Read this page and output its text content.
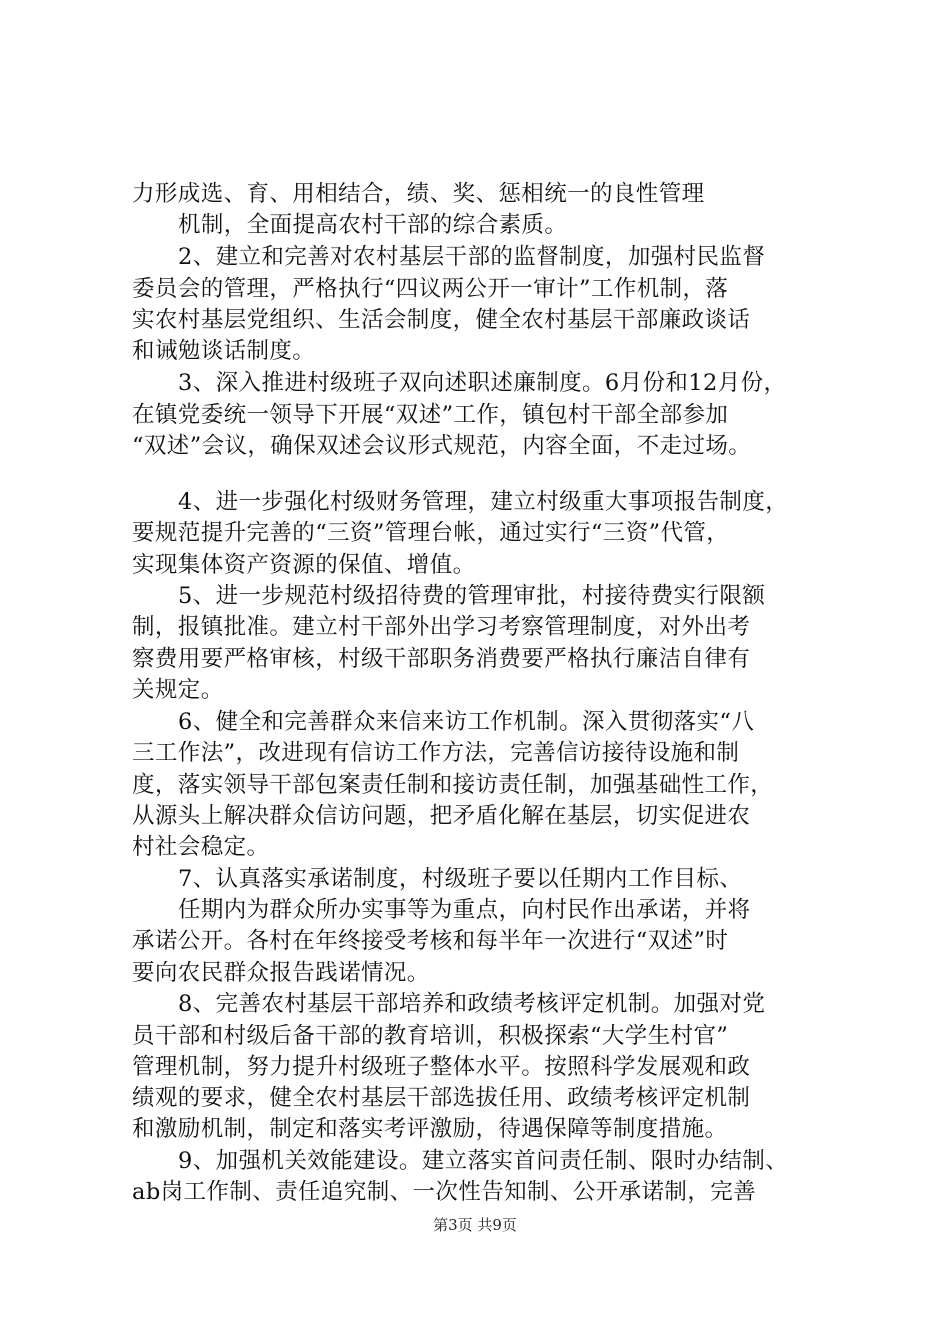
力形成选、育、用相结合，绩、奖、惩相统一的良性管理
机制，全面提高农村干部的综合素质。
2、建立和完善对农村基层干部的监督制度，加强村民监督
委员会的管理，严格执行“四议两公开一审计”工作机制，落
实农村基层党组织、生活会制度，健全农村基层干部廉政谈话
和诫勉谈话制度。
3、深入推进村级班子双向述职述廉制度。6月份和12月份，
在镇党委统一领导下开展“双述”工作，镇包村干部全部参加
“双述”会议，确保双述会议形式规范，内容全面，不走过场。
4、进一步强化村级财务管理，建立村级重大事项报告制度，
要规范提升完善的“三资”管理台帐，通过实行“三资”代管，
实现集体资产资源的保值、增值。
5、进一步规范村级招待费的管理审批，村接待费实行限额
制，报镇批准。建立村干部外出学习考察管理制度，对外出考
察费用要严格审核，村级干部职务消费要严格执行廉洁自律有
关规定。
6、健全和完善群众来信来访工作机制。深入贯彻落实“八
三工作法”，改进现有信访工作方法，完善信访接待设施和制
度，落实领导干部包案责任制和接访责任制，加强基础性工作，
从源头上解决群众信访问题，把矛盾化解在基层，切实促进农
村社会稳定。
7、认真落实承诺制度，村级班子要以任期内工作目标、
任期内为群众所办实事等为重点，向村民作出承诺，并将
承诺公开。各村在年终接受考核和每半年一次进行“双述”时
要向农民群众报告践诺情况。
8、完善农村基层干部培养和政绩考核评定机制。加强对党
员干部和村级后备干部的教育培训，积极探索“大学生村官”
管理机制，努力提升村级班子整体水平。按照科学发展观和政
绩观的要求，健全农村基层干部选拔任用、政绩考核评定机制
和激励机制，制定和落实考评激励，待遇保障等制度措施。
9、加强机关效能建设。建立落实首问责任制、限时办结制、
ab岗工作制、责任追究制、一次性告知制、公开承诺制，完善
第3页 共9页
